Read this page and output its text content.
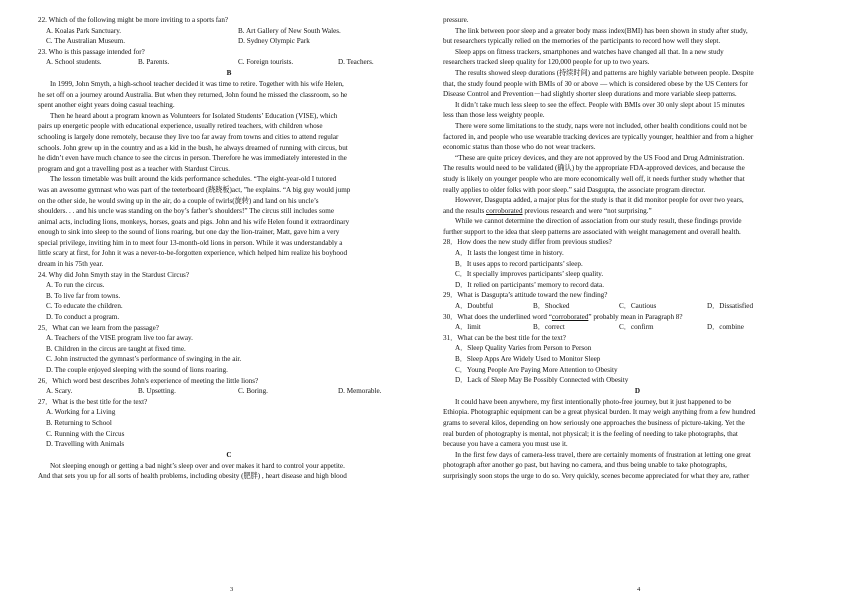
22. Which of the following might be more inviting to a sports fan?
A. Koalas Park Sanctuary.	B. Art Gallery of New South Wales.
C. The Australian Museum.	D. Sydney Olympic Park
23. Who is this passage intended for?
A. School students.	B. Parents.	C. Foreign tourists.	D. Teachers.
B
In 1999, John Smyth, a high-school teacher decided it was time to retire. Together with his wife Helen,
he set off on a journey around Australia. But when they returned, John found he missed the classroom, so he
spent another eight years doing casual teaching.
Then he heard about a program known as Volunteers for Isolated Students’ Education (VISE), which
pairs up energetic people with educational experience, usually retired teachers, with children whose
schooling is largely done remotely, because they live too far away from towns and cities to attend regular
schools. John grew up in the country and as a kid in the bush, he always dreamed of running with circus, but
he didn’t even have much chance to see the circus in person. Therefore he was immediately interested in the
program and got a travelling post as a teacher with Stardust Circus.
The lesson timetable was built around the kids performance schedules. “The eight-year-old I tutored
was an awesome gymnast who was part of the teeterboard (跷跷板)act, ”he explains. “A big guy would jump
on the other side, he would swing up in the air, do a couple of twirls(旋转) and land on his uncle’s
shoulders. . . and his uncle was standing on the boy’s father’s shoulders!” The circus still includes some
animal acts, including lions, monkeys, horses, goats and pigs. John and his wife Helen found it extraordinary
enough to sink into sleep to the sound of lions roaring, but one day the lion-trainer, Matt, gave him a very
special privilege, inviting him in to meet four 13-month-old lions in person. While it was understandably a
little scary at first, for John it was a never-to-be-forgotten experience, which helped him realize his boyhood
dream in his 75th year.
24. Why did John Smyth stay in the Stardust Circus?
A. To run the circus.
B. To live far from towns.
C. To educate the children.
D. To conduct a program.
25．What can we learn from the passage?
A. Teachers of the VISE program live too far away.
B. Children in the circus are taught at fixed time.
C. John instructed the gymnast’s performance of swinging in the air.
D. The couple enjoyed sleeping with the sound of lions roaring.
26．Which word best describes John's experience of meeting the little lions?
A. Scary.	B. Upsetting.	C. Boring.	D. Memorable.
27．What is the best title for the text?
A. Working for a Living
B. Returning to School
C. Running with the Circus
D. Travelling with Animals
C
Not sleeping enough or getting a bad night’s sleep over and over makes it hard to control your appetite.
And that sets you up for all sorts of health problems, including obesity (肥胖) , heart disease and high blood
3
pressure.
The link between poor sleep and a greater body mass index(BMI) has been shown in study after study,
but researchers typically relied on the memories of the participants to record how well they slept.
Sleep apps on fitness trackers, smartphones and watches have changed all that. In a new study
researchers tracked sleep quality for 120,000 people for up to two years.
The results showed sleep durations (持续时间) and patterns are highly variable between people. Despite
that, the study found people with BMIs of 30 or above — which is considered obese by the US Centers for
Disease Control and Prevention－had slightly shorter sleep durations and more variable sleep patterns.
It didn’t take much less sleep to see the effect. People with BMIs over 30 only slept about 15 minutes
less than those less weighty people.
There were some limitations to the study, naps were not included, other health conditions could not be
factored in, and people who use wearable tracking devices are typically younger, healthier and from a higher
economic status than those who do not wear trackers.
“These are quite pricey devices, and they are not approved by the US Food and Drug Administration.
The results would need to be validated (确认) by the appropriate FDA-approved devices, and because the
study is likely on younger people who are more economically well off, it needs further study whether that
really applies to older folks with poor sleep.” said Dasgupta, the associate program director.
However, Dasgupta added, a major plus for the study is that it did monitor people for over two years,
and the results corroborated previous research and were “not surprising.”
While we cannot determine the direction of association from our study result, these findings provide
further support to the idea that sleep patterns are associated with weight management and overall health.
28．How does the new study differ from previous studies?
A．It lasts the longest time in history.
B．It uses apps to record participants’ sleep.
C．It specially improves participants’ sleep quality.
D．It relied on participants’ memory to record data.
29．What is Dasgupta’s attitude toward the new finding?
A．Doubtful	B．Shocked	C．Cautious	D．Dissatisfied
30．What does the underlined word “corroborated” probably mean in Paragraph 8?
A．limit	B．correct	C．confirm	D．combine
31．What can be the best title for the text?
A．Sleep Quality Varies from Person to Person
B．Sleep Apps Are Widely Used to Monitor Sleep
C．Young People Are Paying More Attention to Obesity
D．Lack of Sleep May Be Possibly Connected with Obesity
D
It could have been anywhere, my first intentionally photo-free journey, but it just happened to be
Ethiopia. Photographic equipment can be a great physical burden. It may weigh anything from a few hundred
grams to several kilos, depending on how seriously one approaches the business of picture-taking. Yet the
real burden of photography is mental, not physical; it is the feeling of needing to take photographs, that
because you have a camera you must use it.
In the first few days of camera-less travel, there are certainly moments of frustration at letting one great
photograph after another go past, but having no camera, and thus being unable to take photographs,
surprisingly soon stops the urge to do so. Very quickly, scenes become appreciated for what they are, rather
4
